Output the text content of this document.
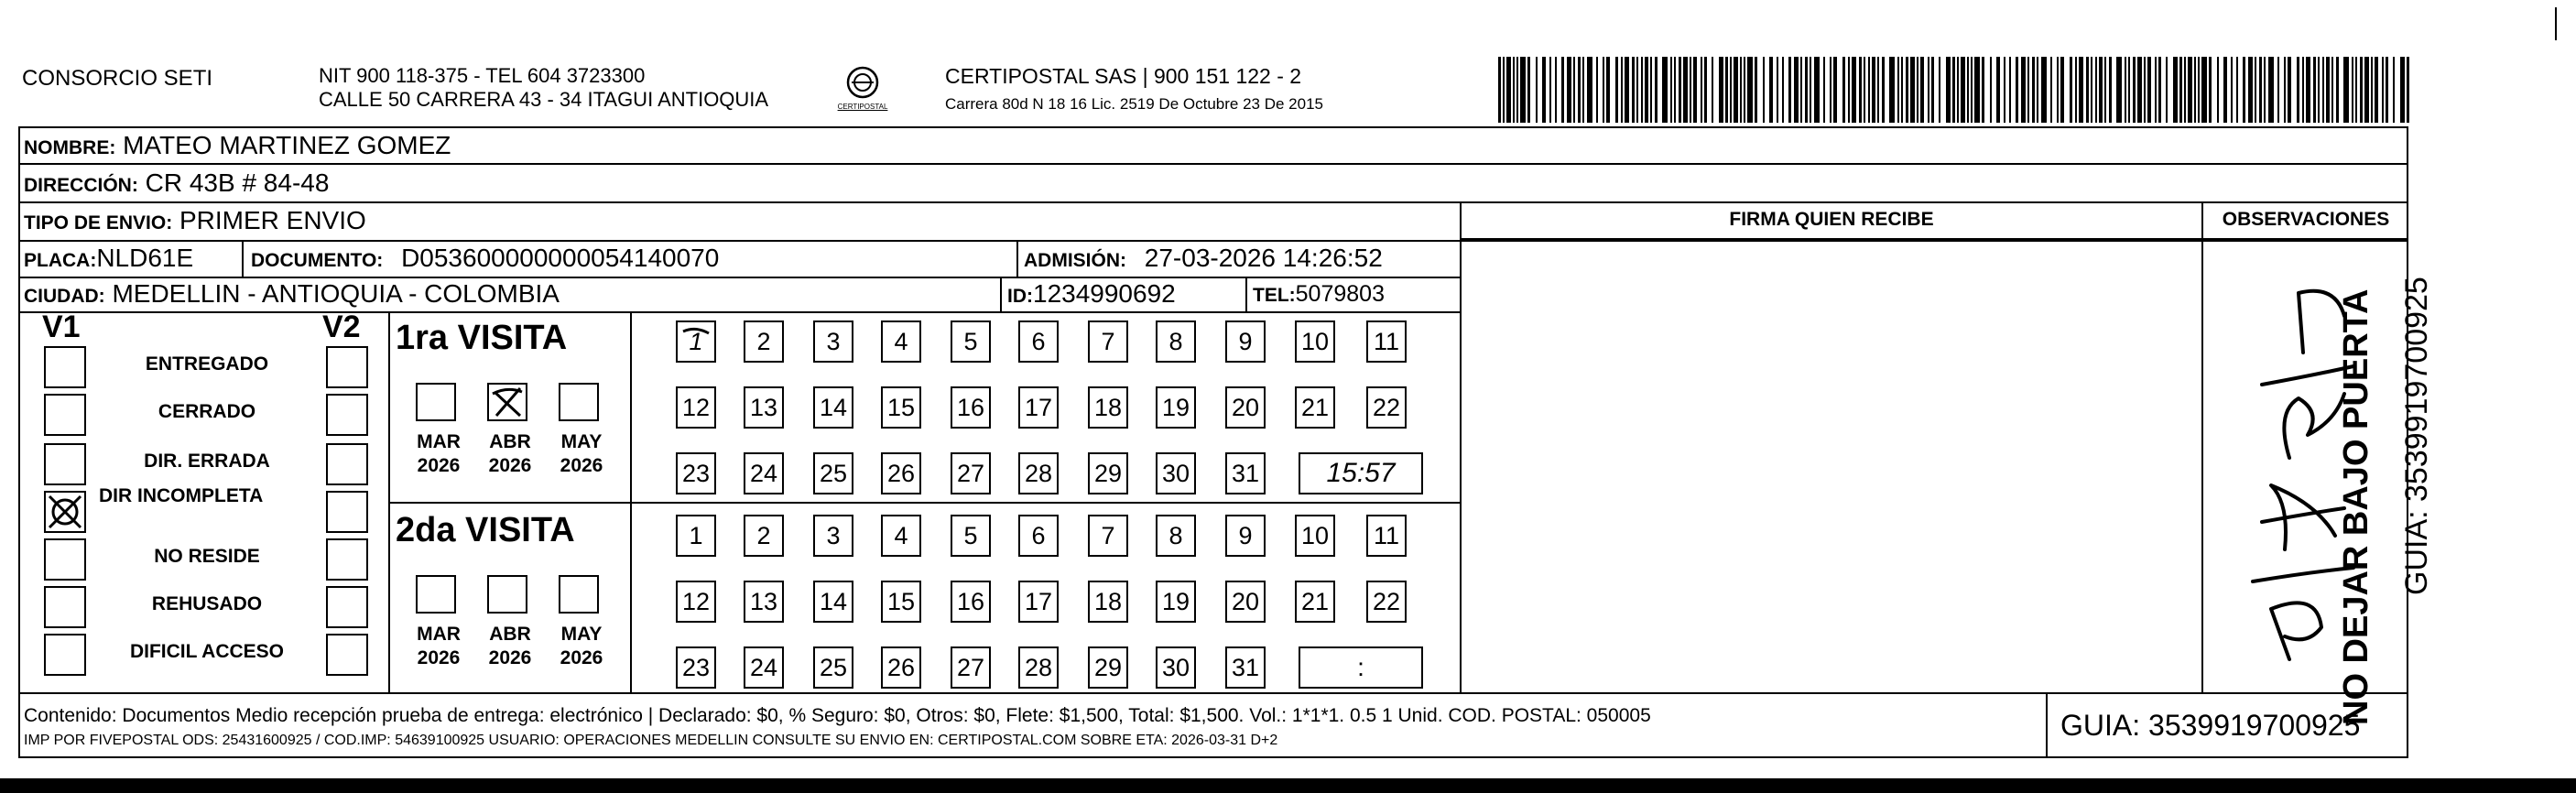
CONSORCIO SETI	NIT 900 118-375 - TEL 604 3723300
CALLE 50 CARRERA 43 - 34 ITAGUI ANTIOQUIA	CERTIPOSTAL
CERTIPOSTAL SAS | 900 151 122 - 2
Carrera 80d N 18 16 Lic. 2519 De Octubre 23 De 2015
NOMBRE: MATEO MARTINEZ GOMEZ
DIRECCIÓN: CR 43B # 84-48
TIPO DE ENVIO: PRIMER ENVIO
PLACA:NLD61E	DOCUMENTO: D053600000000054140070	ADMISIÓN: 27-03-2026 14:26:52
CIUDAD: MEDELLIN - ANTIOQUIA - COLOMBIA	ID:1234990692	TEL:5079803
FIRMA QUIEN RECIBE	OBSERVACIONES
V1	V2 1ra VISITA
2da VISITA	NO DEJAR BAJO PUERTA GUIA: 3539919700925
Contenido: Documentos Medio recepción prueba de entrega: electrónico | Declarado: $0, % Seguro: $0, Otros: $0, Flete: $1,500, Total: $1,500. Vol.: 1*1*1. 0.5 1 Unid. COD. POSTAL: 050005
IMP POR FIVEPOSTAL ODS: 25431600925 / COD.IMP: 54639100925 USUARIO: OPERACIONES MEDELLIN CONSULTE SU ENVIO EN: CERTIPOSTAL.COM SOBRE ETA: 2026-03-31 D+2	GUIA: 3539919700925
ENTREGADO
CERRADO
DIR. ERRADA
DIR INCOMPLETA
NO RESIDE
REHUSADO
DIFICIL ACCESO
MAR
2026
ABR
2026
MAY
2026
MAR
2026
ABR
2026
MAY
2026
1 2 3 4 5 6 7 8 9 10 11
12 13 14 15 16 17 18 19 20 21 22
23 24 25 26 27 28 29 30 31	15:57
1 2 3 4 5 6 7 8 9 10 11
12 13 14 15 16 17 18 19 20 21 22
23 24 25 26 27 28 29 30 31	:
